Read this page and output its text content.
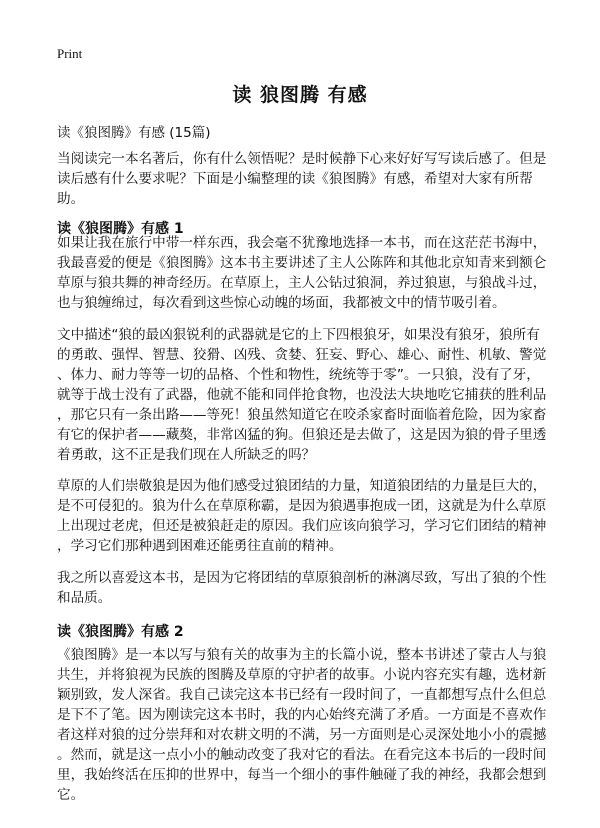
Print
读 狼图腾 有感
读《狼图腾》有感 (15篇)
当阅读完一本名著后，你有什么领悟呢？是时候静下心来好好写写读后感了。但是
读后感有什么要求呢？下面是小编整理的读《狼图腾》有感，希望对大家有所帮
助。
读《狼图腾》有感 1
如果让我在旅行中带一样东西，我会毫不犹豫地选择一本书，而在这茫茫书海中，
我最喜爱的便是《狼图腾》这本书主要讲述了主人公陈阵和其他北京知青来到额仑
草原与狼共舞的神奇经历。在草原上，主人公钻过狼洞，养过狼崽，与狼战斗过，
也与狼缠绵过，每次看到这些惊心动魄的场面，我都被文中的情节吸引着。
文中描述“狼的最凶狠锐利的武器就是它的上下四根狼牙，如果没有狼牙，狼所有
的勇敢、强悍、智慧、狡猾、凶残、贪婪、狂妄、野心、雄心、耐性、机敏、警觉
、体力、耐力等等一切的品格、个性和物性，统统等于零”。一只狼，没有了牙，
就等于战士没有了武器，他就不能和同伴抢食物，也没法大块地吃它捕获的胜利品
，那它只有一条出路——等死！狼虽然知道它在咬杀家畜时面临着危险，因为家畜
有它的保护者——藏獒，非常凶猛的狗。但狼还是去做了，这是因为狼的骨子里透
着勇敢，这不正是我们现在人所缺乏的吗？
草原的人们崇敬狼是因为他们感受过狼团结的力量，知道狼团结的力量是巨大的，
是不可侵犯的。狼为什么在草原称霸，是因为狼遇事抱成一团，这就是为什么草原
上出现过老虎，但还是被狼赶走的原因。我们应该向狼学习，学习它们团结的精神
，学习它们那种遇到困难还能勇往直前的精神。
我之所以喜爱这本书，是因为它将团结的草原狼剖析的淋漓尽致，写出了狼的个性
和品质。
读《狼图腾》有感 2
《狼图腾》是一本以写与狼有关的故事为主的长篇小说，整本书讲述了蒙古人与狼
共生，并将狼视为民族的图腾及草原的守护者的故事。小说内容充实有趣，选材新
颖别致，发人深省。我自己读完这本书已经有一段时间了，一直都想写点什么但总
是下不了笔。因为刚读完这本书时，我的内心始终充满了矛盾。一方面是不喜欢作
者这样对狼的过分崇拜和对农耕文明的不满，另一方面则是心灵深处地小小的震撼
。然而，就是这一点小小的触动改变了我对它的看法。在看完这本书后的一段时间
里，我始终活在压抑的世界中，每当一个细小的事件触碰了我的神经，我都会想到
它。
